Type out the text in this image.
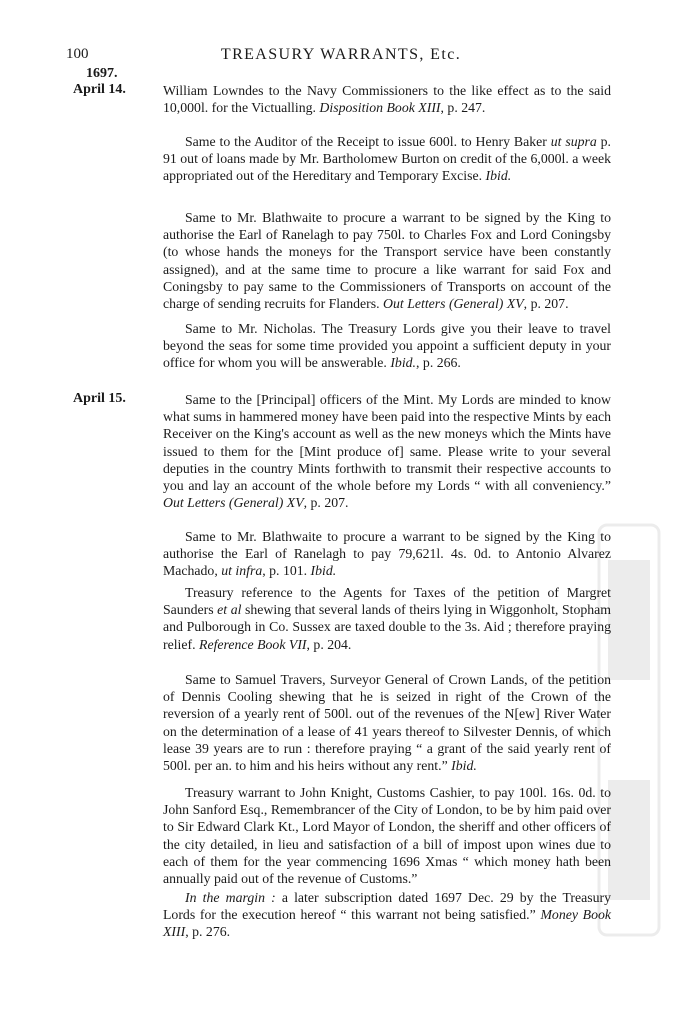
100	TREASURY WARRANTS, Etc.
1697.
April 14.
April 15.

William Lowndes to the Navy Commissioners to the like effect as to the said 10,000l. for the Victualling. Disposition Book XIII, p. 247.

Same to the Auditor of the Receipt to issue 600l. to Henry Baker ut supra p. 91 out of loans made by Mr. Bartholomew Burton on credit of the 6,000l. a week appropriated out of the Hereditary and Temporary Excise. Ibid.

Same to Mr. Blathwaite to procure a warrant to be signed by the King to authorise the Earl of Ranelagh to pay 750l. to Charles Fox and Lord Coningsby (to whose hands the moneys for the Transport service have been constantly assigned), and at the same time to procure a like warrant for said Fox and Coningsby to pay same to the Commissioners of Transports on account of the charge of sending recruits for Flanders. Out Letters (General) XV, p. 207.

Same to Mr. Nicholas. The Treasury Lords give you their leave to travel beyond the seas for some time provided you appoint a sufficient deputy in your office for whom you will be answerable. Ibid., p. 266.

Same to the [Principal] officers of the Mint. My Lords are minded to know what sums in hammered money have been paid into the respective Mints by each Receiver on the King's account as well as the new moneys which the Mints have issued to them for the [Mint produce of] same. Please write to your several deputies in the country Mints forthwith to transmit their respective accounts to you and lay an account of the whole before my Lords “ with all conveniency.” Out Letters (General) XV, p. 207.

Same to Mr. Blathwaite to procure a warrant to be signed by the King to authorise the Earl of Ranelagh to pay 79,621l. 4s. 0d. to Antonio Alvarez Machado, ut infra, p. 101. Ibid.

Treasury reference to the Agents for Taxes of the petition of Margret Saunders et al shewing that several lands of theirs lying in Wiggonholt, Stopham and Pulborough in Co. Sussex are taxed double to the 3s. Aid ; therefore praying relief. Reference Book VII, p. 204.

Same to Samuel Travers, Surveyor General of Crown Lands, of the petition of Dennis Cooling shewing that he is seized in right of the Crown of the reversion of a yearly rent of 500l. out of the revenues of the N[ew] River Water on the determination of a lease of 41 years thereof to Silvester Dennis, of which lease 39 years are to run : therefore praying “ a grant of the said yearly rent of 500l. per an. to him and his heirs without any rent.” Ibid.

Treasury warrant to John Knight, Customs Cashier, to pay 100l. 16s. 0d. to John Sanford Esq., Remembrancer of the City of London, to be by him paid over to Sir Edward Clark Kt., Lord Mayor of London, the sheriff and other officers of the city detailed, in lieu and satisfaction of a bill of impost upon wines due to each of them for the year commencing 1696 Xmas “ which money hath been annually paid out of the revenue of Customs.”

In the margin : a later subscription dated 1697 Dec. 29 by the Treasury Lords for the execution hereof “ this warrant not being satisfied.” Money Book XIII, p. 276.
